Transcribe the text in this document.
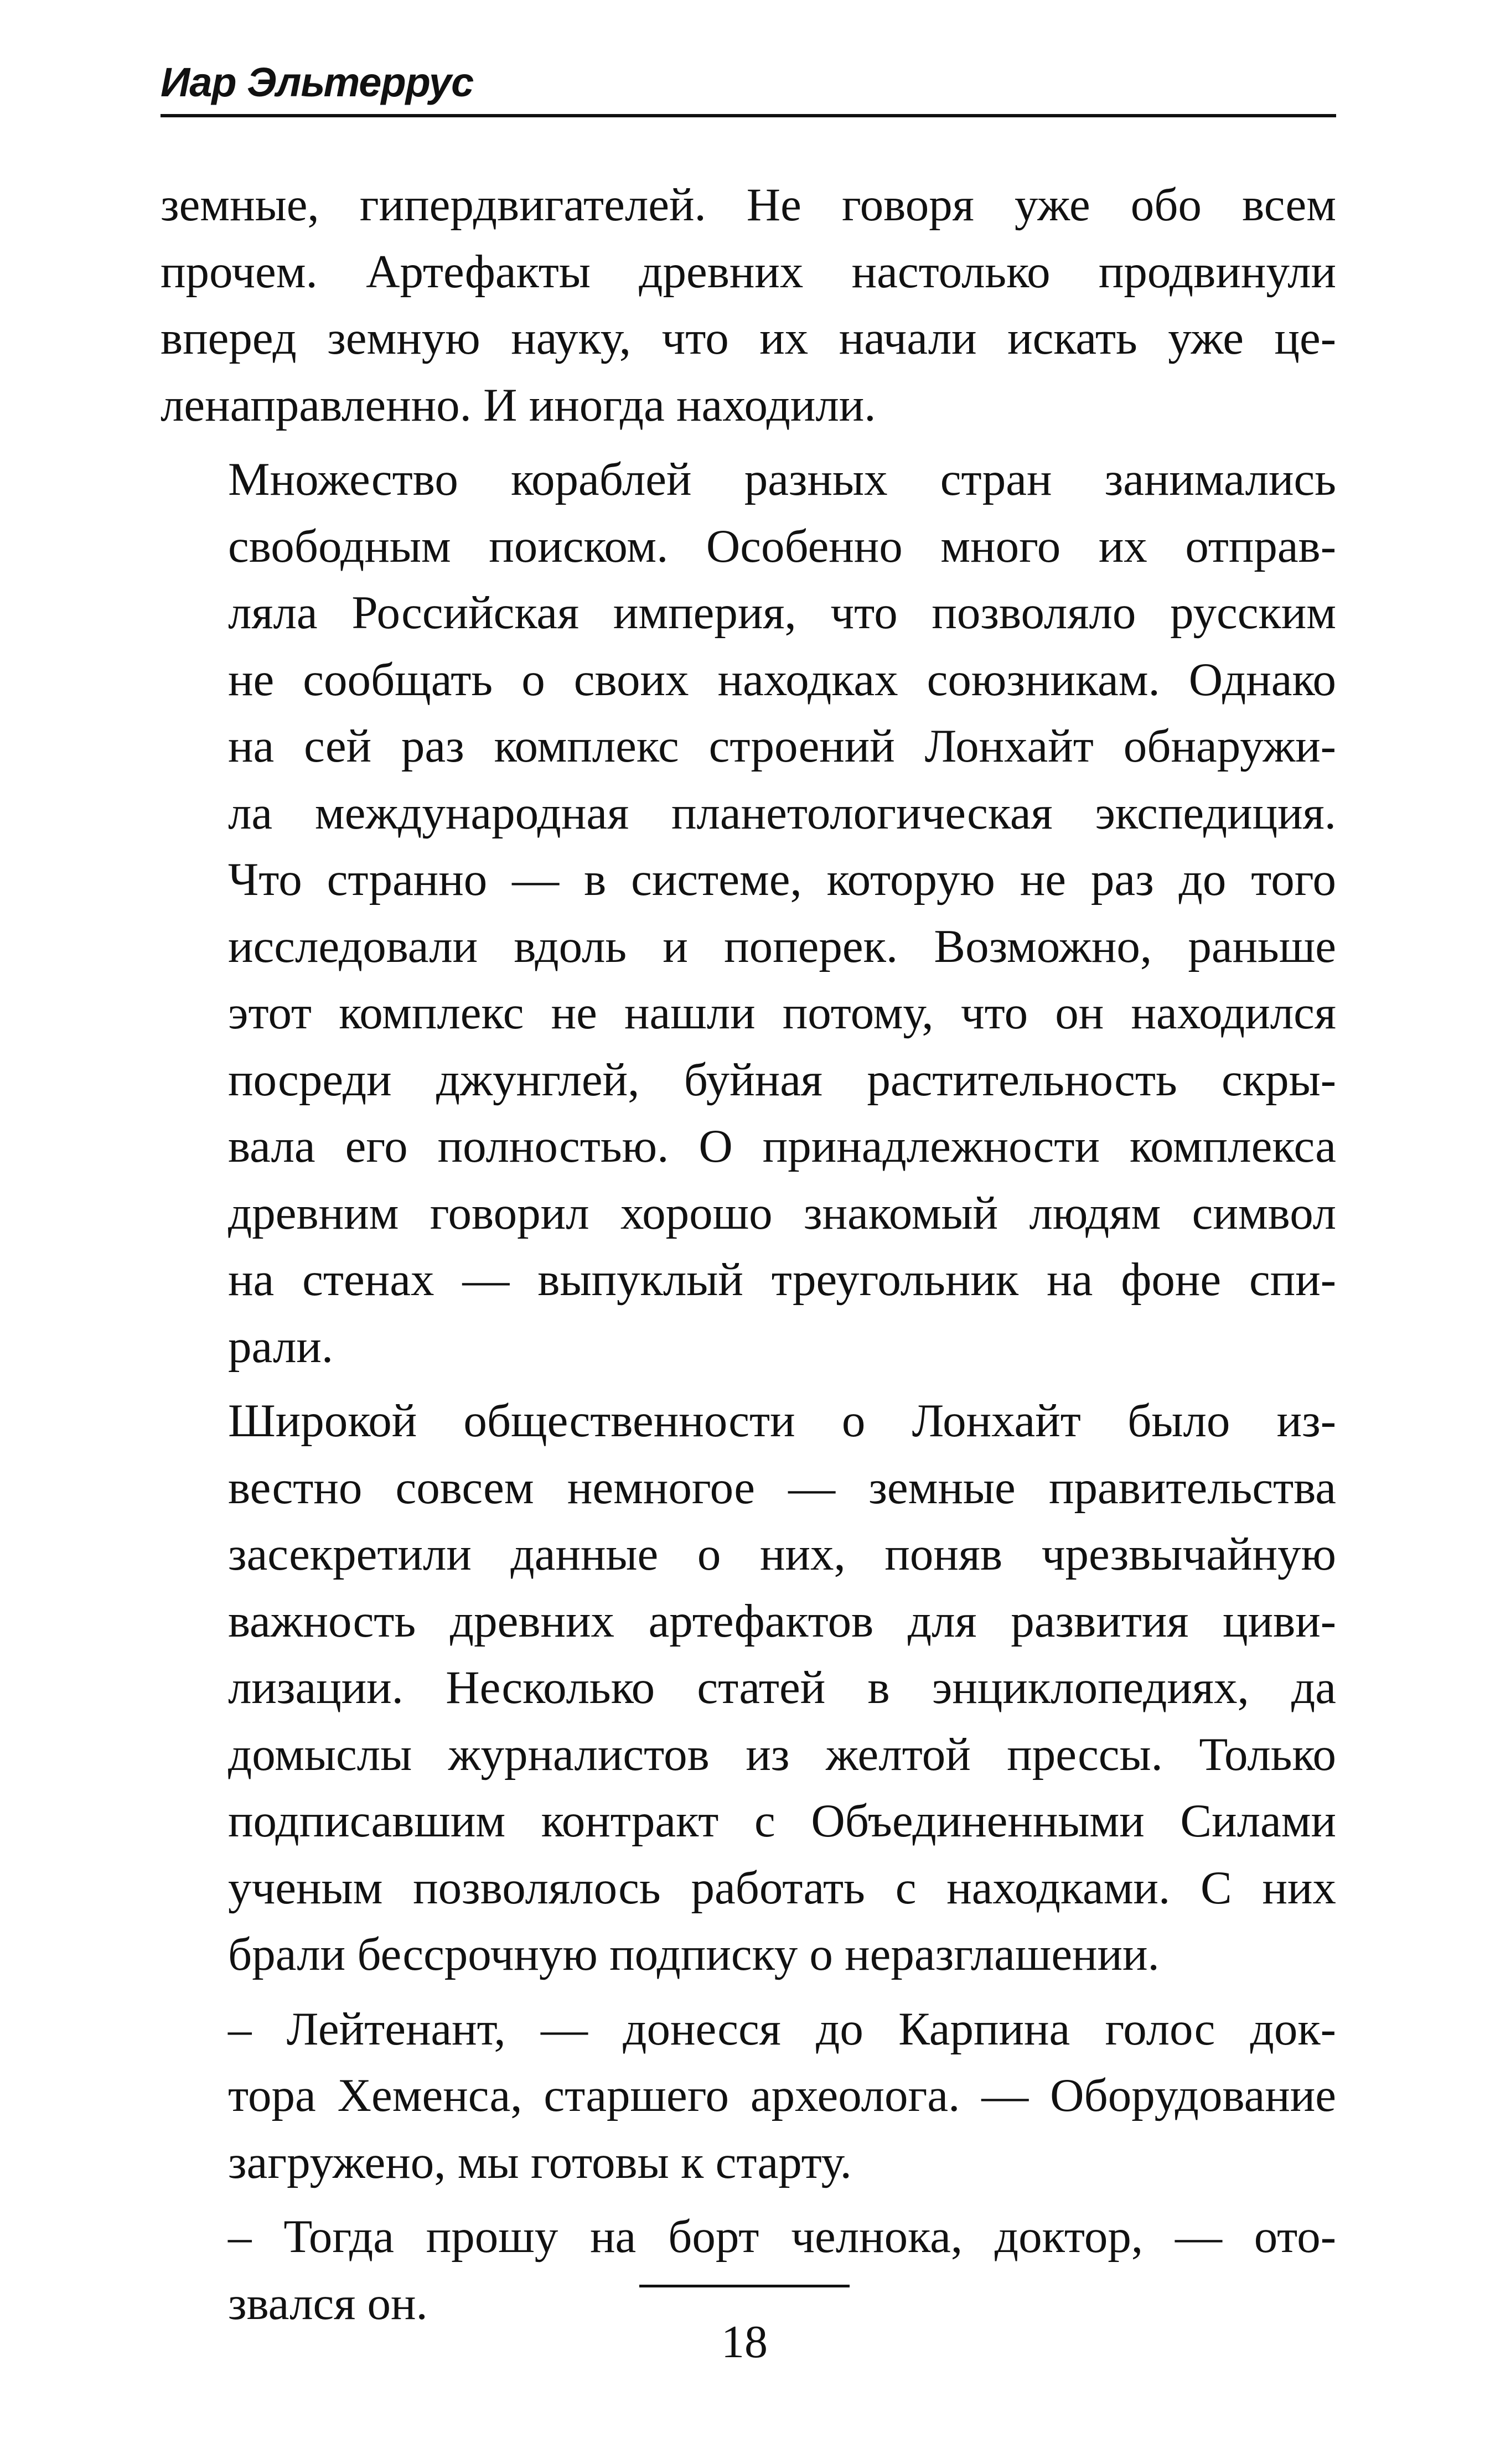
Иар Эльтеррус

земные, гипердвигателей. Не говоря уже обо всем
прочем. Артефакты древних настолько продвинули
вперед земную науку, что их начали искать уже це-
ленаправленно. И иногда находили.

Множество кораблей разных стран занимались
свободным поиском. Особенно много их отправ-
ляла Российская империя, что позволяло русским
не сообщать о своих находках союзникам. Однако
на сей раз комплекс строений Лонхайт обнаружи-
ла международная планетологическая экспедиция.
Что странно — в системе, которую не раз до того
исследовали вдоль и поперек. Возможно, раньше
этот комплекс не нашли потому, что он находился
посреди джунглей, буйная растительность скры-
вала его полностью. О принадлежности комплекса
древним говорил хорошо знакомый людям символ
на стенах — выпуклый треугольник на фоне спи-
рали.

Широкой общественности о Лонхайт было из-
вестно совсем немногое — земные правительства
засекретили данные о них, поняв чрезвычайную
важность древних артефактов для развития циви-
лизации. Несколько статей в энциклопедиях, да
домыслы журналистов из желтой прессы. Только
подписавшим контракт с Объединенными Силами
ученым позволялось работать с находками. С них
брали бессрочную подписку о неразглашении.

– Лейтенант, — донесся до Карпина голос док-
тора Хеменса, старшего археолога. — Оборудование
загружено, мы готовы к старту.

– Тогда прошу на борт челнока, доктор, — ото-
звался он.

18
